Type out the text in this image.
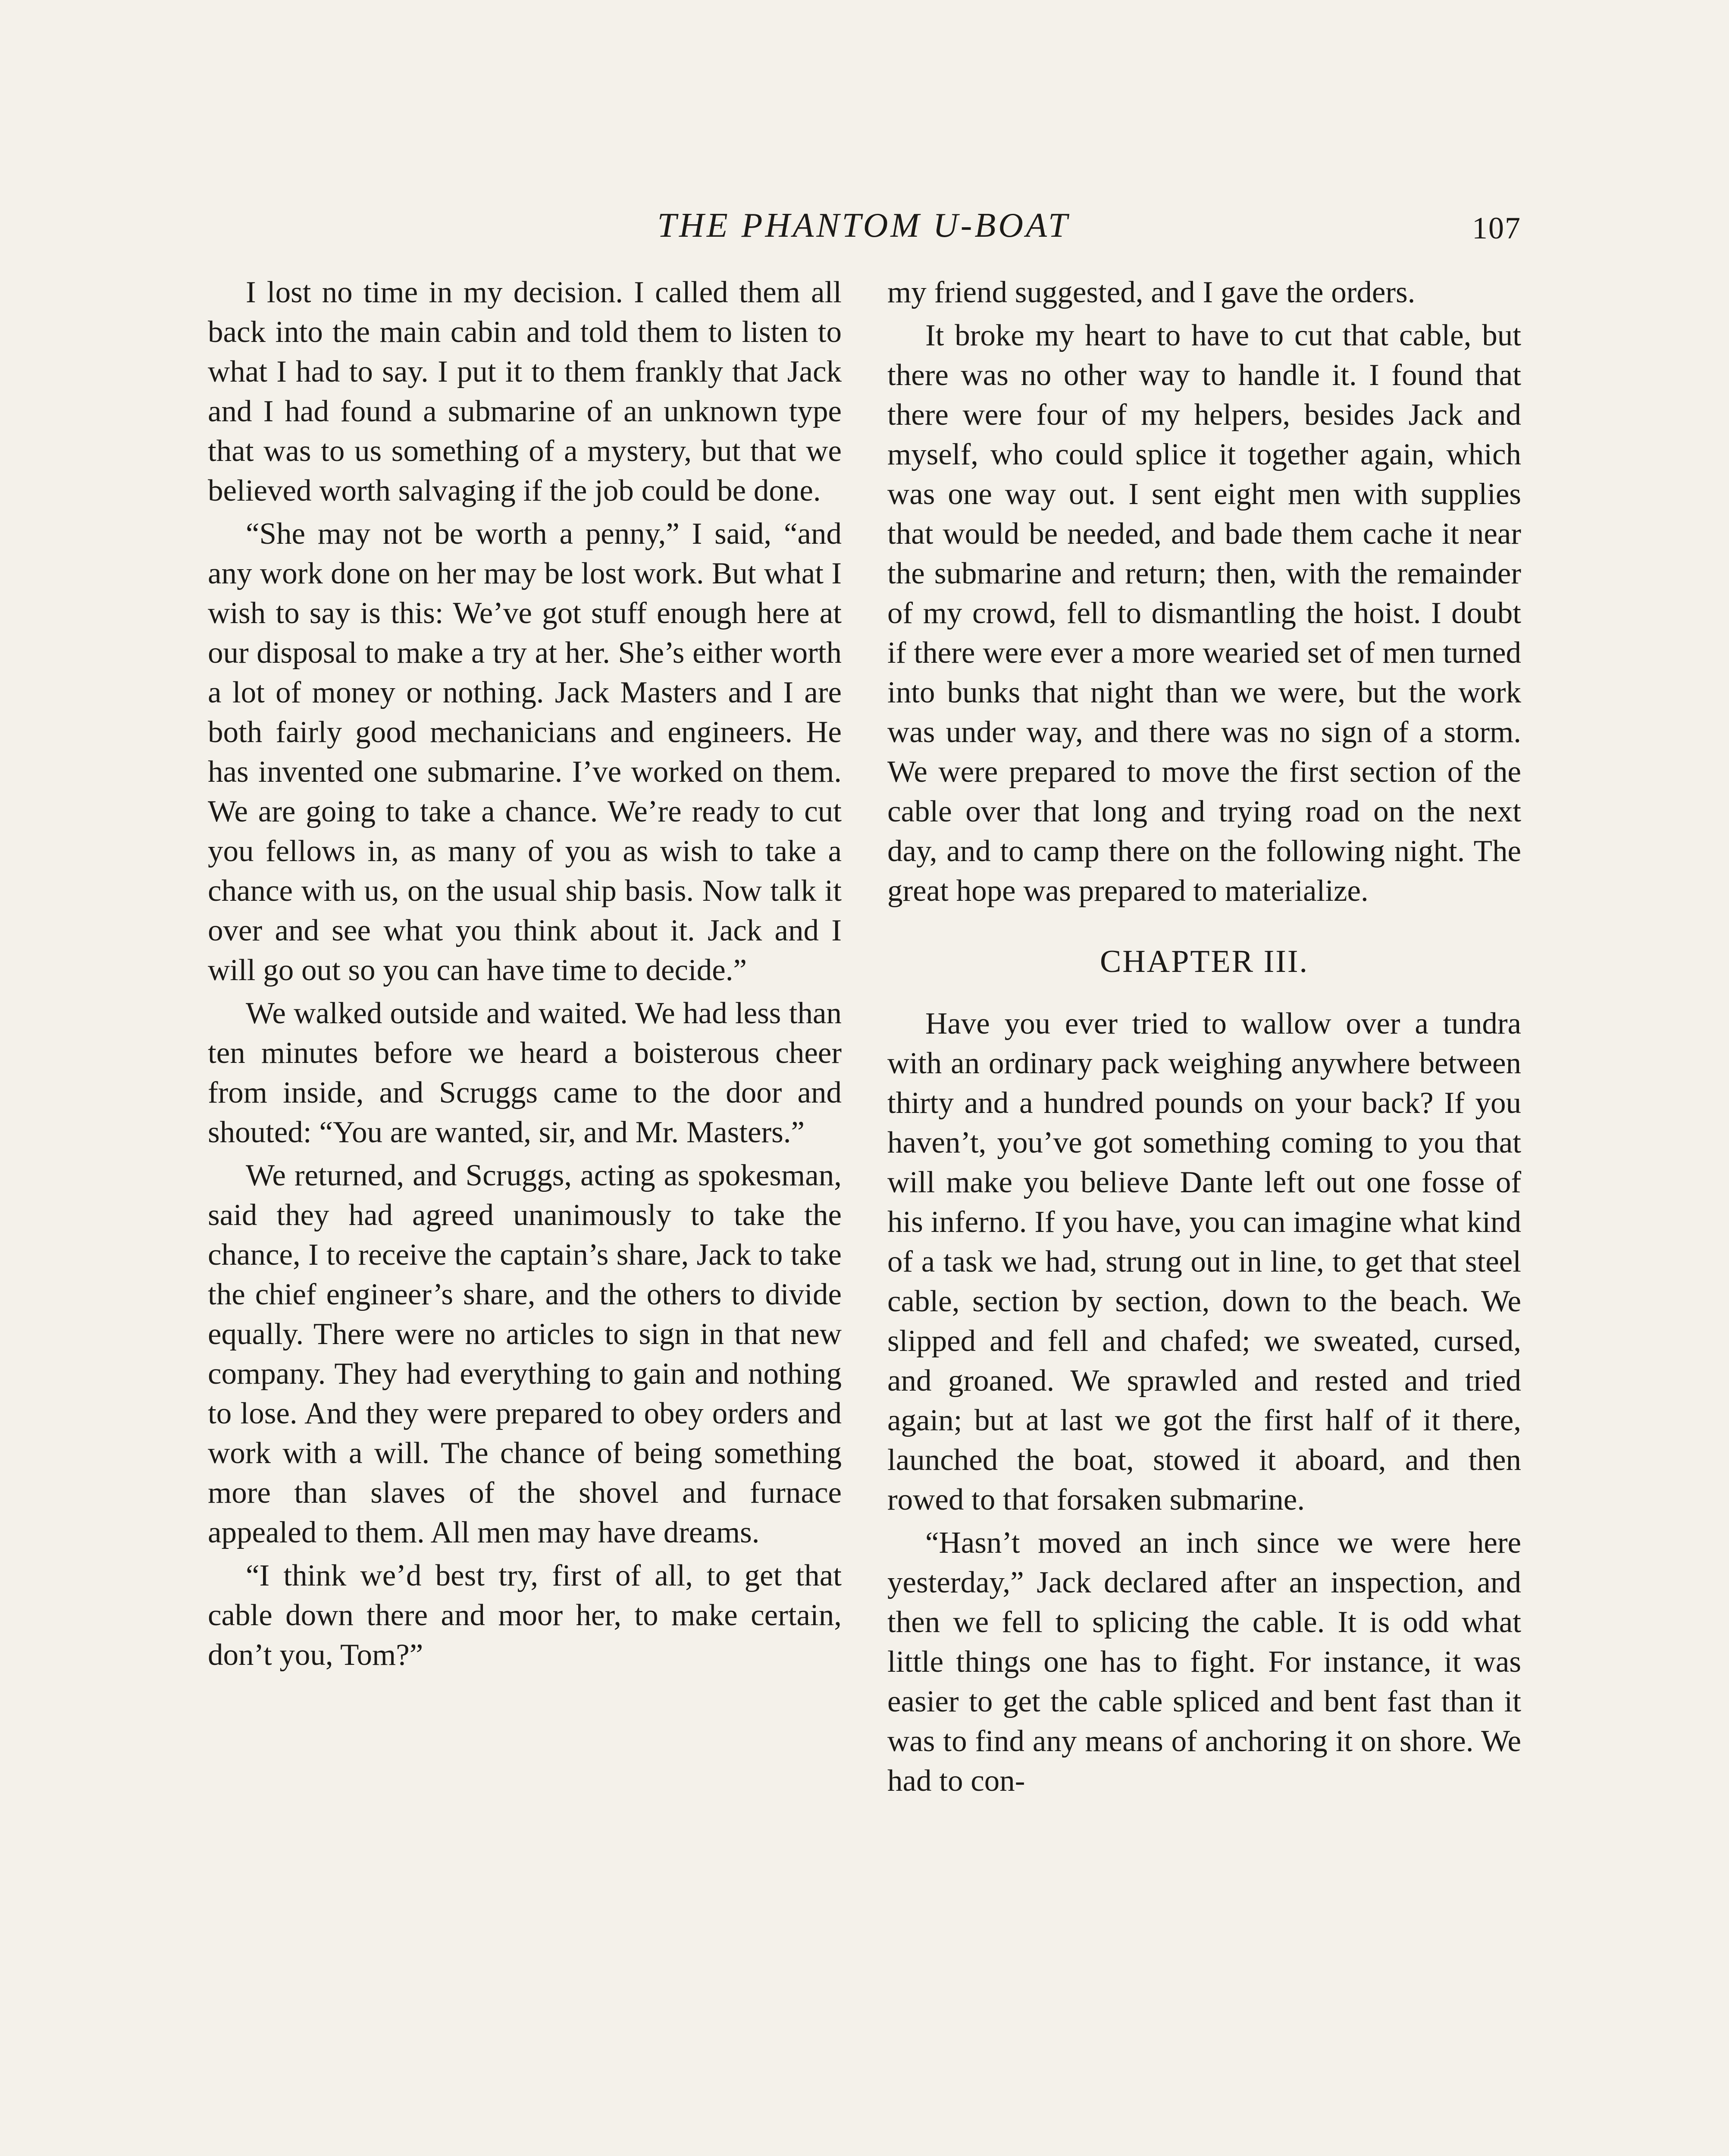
THE PHANTOM U-BOAT	107

I lost no time in my decision. I called them all back into the main cabin and told them to listen to what I had to say. I put it to them frankly that Jack and I had found a submarine of an unknown type that was to us something of a mystery, but that we believed worth salvaging if the job could be done.

“She may not be worth a penny,” I said, “and any work done on her may be lost work. But what I wish to say is this: We’ve got stuff enough here at our disposal to make a try at her. She’s either worth a lot of money or nothing. Jack Masters and I are both fairly good mechanicians and engineers. He has invented one submarine. I’ve worked on them. We are going to take a chance. We’re ready to cut you fellows in, as many of you as wish to take a chance with us, on the usual ship basis. Now talk it over and see what you think about it. Jack and I will go out so you can have time to decide.”

We walked outside and waited. We had less than ten minutes before we heard a boisterous cheer from inside, and Scruggs came to the door and shouted: “You are wanted, sir, and Mr. Masters.”

We returned, and Scruggs, acting as spokesman, said they had agreed unanimously to take the chance, I to receive the captain’s share, Jack to take the chief engineer’s share, and the others to divide equally. There were no articles to sign in that new company. They had everything to gain and nothing to lose. And they were prepared to obey orders and work with a will. The chance of being something more than slaves of the shovel and furnace appealed to them. All men may have dreams.

“I think we’d best try, first of all, to get that cable down there and moor her, to make certain, don’t you, Tom?”

my friend suggested, and I gave the orders.

It broke my heart to have to cut that cable, but there was no other way to handle it. I found that there were four of my helpers, besides Jack and myself, who could splice it together again, which was one way out. I sent eight men with supplies that would be needed, and bade them cache it near the submarine and return; then, with the remainder of my crowd, fell to dismantling the hoist. I doubt if there were ever a more wearied set of men turned into bunks that night than we were, but the work was under way, and there was no sign of a storm. We were prepared to move the first section of the cable over that long and trying road on the next day, and to camp there on the following night. The great hope was prepared to materialize.

CHAPTER III.

Have you ever tried to wallow over a tundra with an ordinary pack weighing anywhere between thirty and a hundred pounds on your back? If you haven’t, you’ve got something coming to you that will make you believe Dante left out one fosse of his inferno. If you have, you can imagine what kind of a task we had, strung out in line, to get that steel cable, section by section, down to the beach. We slipped and fell and chafed; we sweated, cursed, and groaned. We sprawled and rested and tried again; but at last we got the first half of it there, launched the boat, stowed it aboard, and then rowed to that forsaken submarine.

“Hasn’t moved an inch since we were here yesterday,” Jack declared after an inspection, and then we fell to splicing the cable. It is odd what little things one has to fight. For instance, it was easier to get the cable spliced and bent fast than it was to find any means of anchoring it on shore. We had to con-
